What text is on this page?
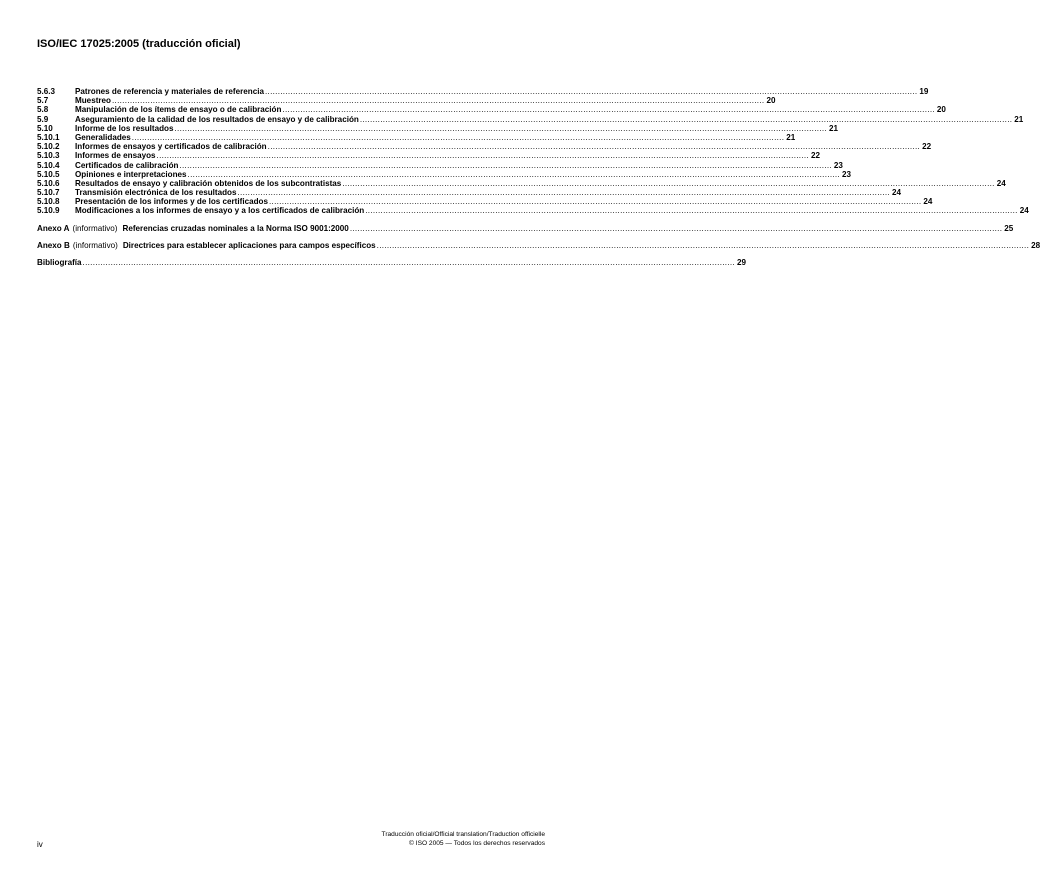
ISO/IEC 17025:2005 (traducción oficial)
5.6.3	Patrones de referencia y materiales de referencia .....	19
5.7	Muestreo .....	20
5.8	Manipulación de los ítems de ensayo o de calibración .....	20
5.9	Aseguramiento de la calidad de los resultados de ensayo y de calibración .....	21
5.10	Informe de los resultados .....	21
5.10.1	Generalidades .....	21
5.10.2	Informes de ensayos y certificados de calibración .....	22
5.10.3	Informes de ensayos .....	22
5.10.4	Certificados de calibración .....	23
5.10.5	Opiniones e interpretaciones .....	23
5.10.6	Resultados de ensayo y calibración obtenidos de los subcontratistas .....	24
5.10.7	Transmisión electrónica de los resultados .....	24
5.10.8	Presentación de los informes y de los certificados .....	24
5.10.9	Modificaciones a los informes de ensayo y a los certificados de calibración .....	24
Anexo A (informativo) Referencias cruzadas nominales a la Norma ISO 9001:2000 .....	25
Anexo B (informativo) Directrices para establecer aplicaciones para campos específicos .....	28
Bibliografía .....	29
iv
Traducción oficial/Official translation/Traduction officielle
© ISO 2005 — Todos los derechos reservados
